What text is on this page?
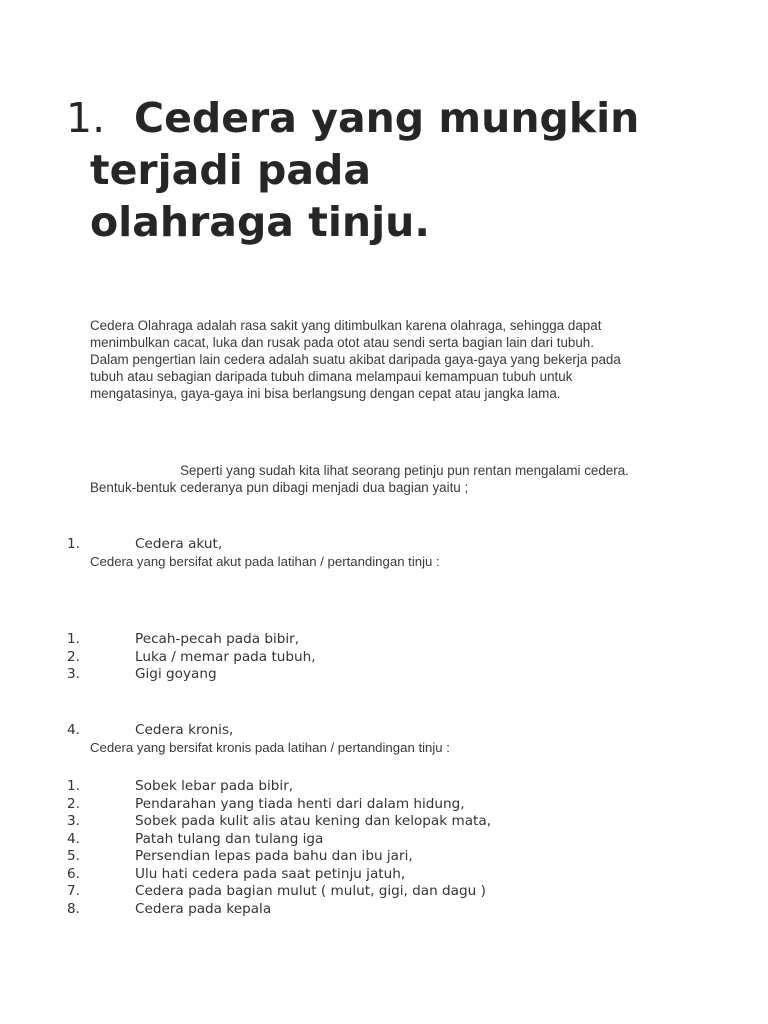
1. Cedera yang mungkin
terjadi pada
olahraga tinju.
Cedera Olahraga adalah rasa sakit yang ditimbulkan karena olahraga, sehingga dapat
menimbulkan cacat, luka dan rusak pada otot atau sendi serta bagian lain dari tubuh.
Dalam pengertian lain cedera adalah suatu akibat daripada gaya-gaya yang bekerja pada
tubuh atau sebagian daripada tubuh dimana melampaui kemampuan tubuh untuk
mengatasinya, gaya-gaya ini bisa berlangsung dengan cepat atau jangka lama.
Seperti yang sudah kita lihat seorang petinju pun rentan mengalami cedera.
Bentuk-bentuk cederanya pun dibagi menjadi dua bagian yaitu ;
1.	Cedera akut,
Cedera yang bersifat akut pada latihan / pertandingan tinju :
1.	Pecah-pecah pada bibir,
2.	Luka / memar pada tubuh,
3.	Gigi goyang
4.	Cedera kronis,
Cedera yang bersifat kronis pada latihan / pertandingan tinju :
1.	Sobek lebar pada bibir,
2.	Pendarahan yang tiada henti dari dalam hidung,
3.	Sobek pada kulit alis atau kening dan kelopak mata,
4.	Patah tulang dan tulang iga
5.	Persendian lepas pada bahu dan ibu jari,
6.	Ulu hati cedera pada saat petinju jatuh,
7.	Cedera pada bagian mulut ( mulut, gigi, dan dagu )
8.	Cedera pada kepala
